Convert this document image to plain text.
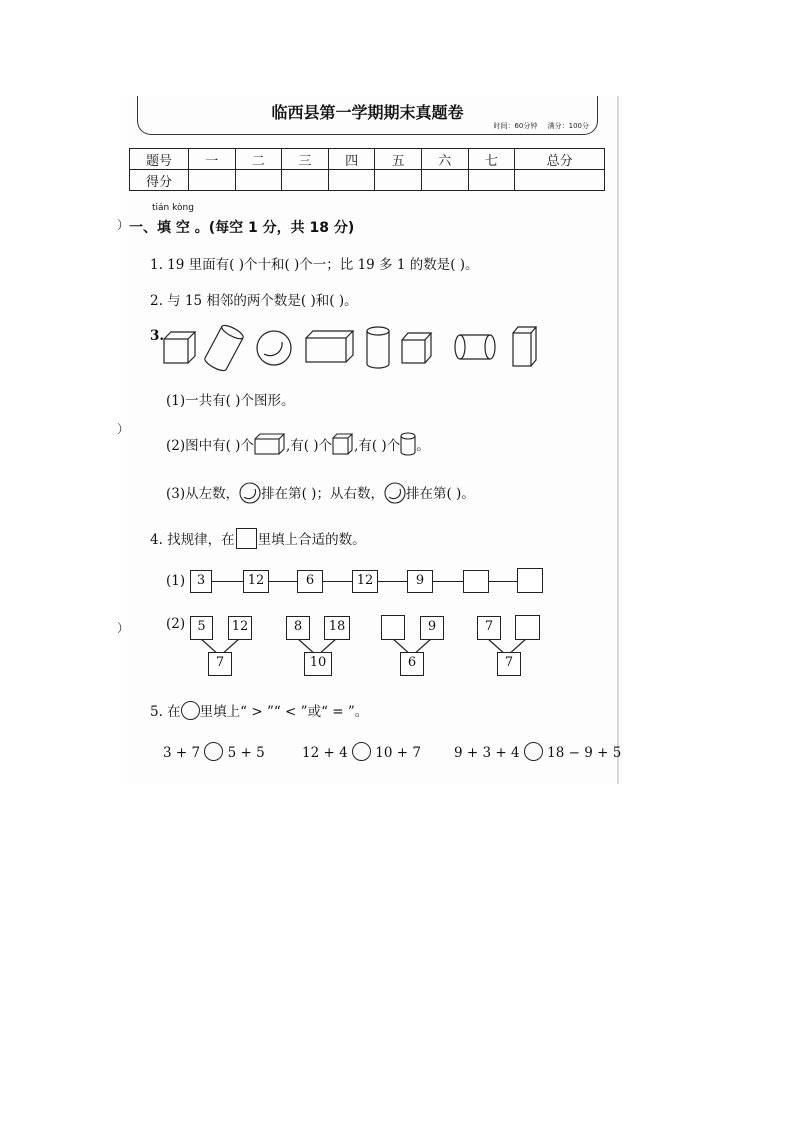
临西县第一学期期末真题卷
时间：60分钟 满分：100分
题号	一	二	三	四	五	六	七	总分
得分								
）
）
）
tián kòng
一、填 空 。(每空 1 分，共 18 分)
1. 19 里面有( )个十和( )个一；比 19 多 1 的数是( )。
2. 与 15 相邻的两个数是( )和( )。
3.
(1)一共有( )个图形。
(2)图中有( )个 ,有( )个 ,有( )个 。
(3)从左数， 排在第( )；从右数， 排在第( )。
4. 找规律，在 里填上合适的数。
(1) 3	12	6	12	9
(2) 5	12
7
8	18
10
9
6
7
7
5. 在 里填上“ > ”“ < ”或“ = ”。
3 + 7 5 + 5	12 + 4 10 + 7 9 + 3 + 4 18 − 9 + 5
